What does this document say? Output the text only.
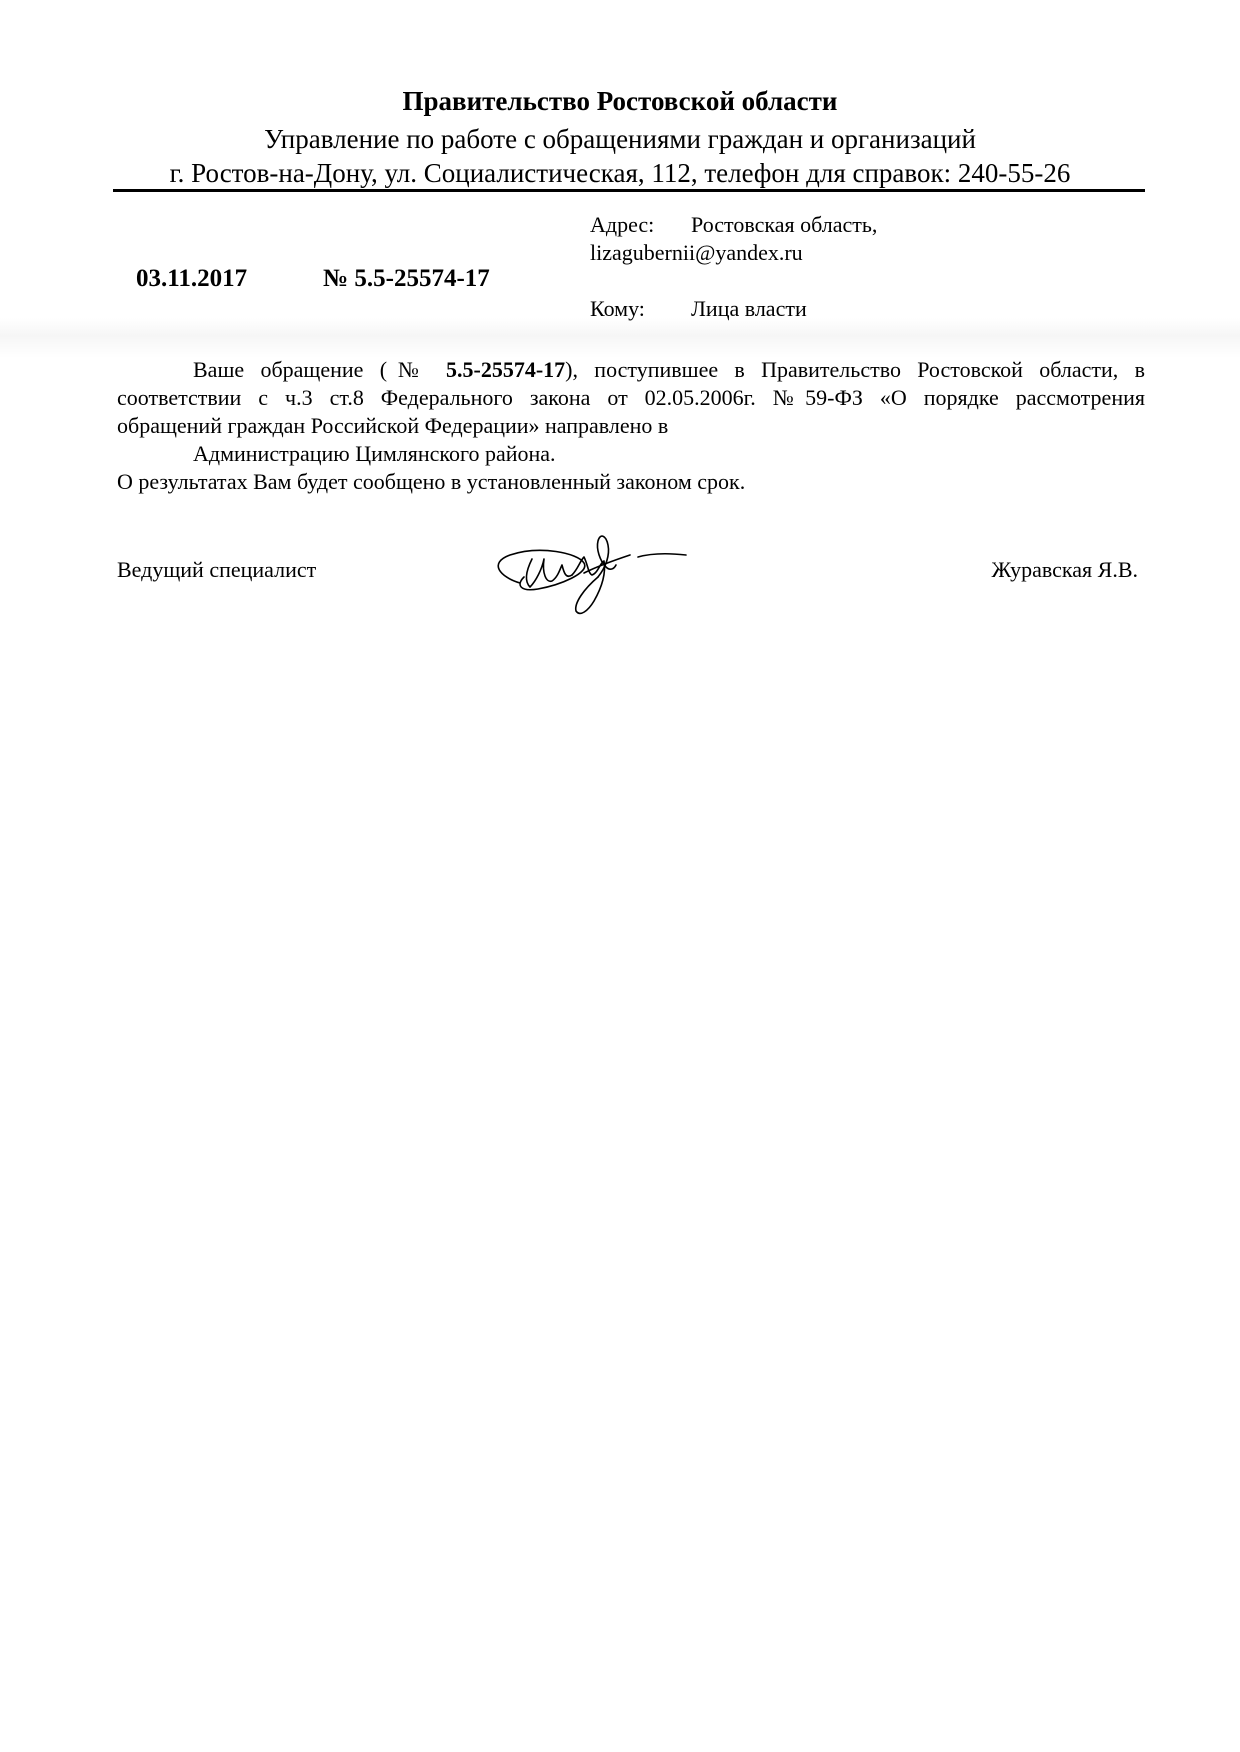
Правительство Ростовской области
Управление по работе с обращениями граждан и организаций
г. Ростов-на-Дону, ул. Социалистическая, 112, телефон для справок: 240-55-26
03.11.2017	№ 5.5-25574-17
Адрес: Ростовская область,
lizagubernii@yandex.ru
Кому: Лица власти
Ваше обращение (№ 5.5-25574-17), поступившее в Правительство Ростовской области, в
соответствии с ч.3 ст.8 Федерального закона от 02.05.2006г. №59-ФЗ «О порядке рассмотрения
обращений граждан Российской Федерации» направлено в
Администрацию Цимлянского района.
О результатах Вам будет сообщено в установленный законом срок.
Ведущий специалист	Журавская Я.В.
